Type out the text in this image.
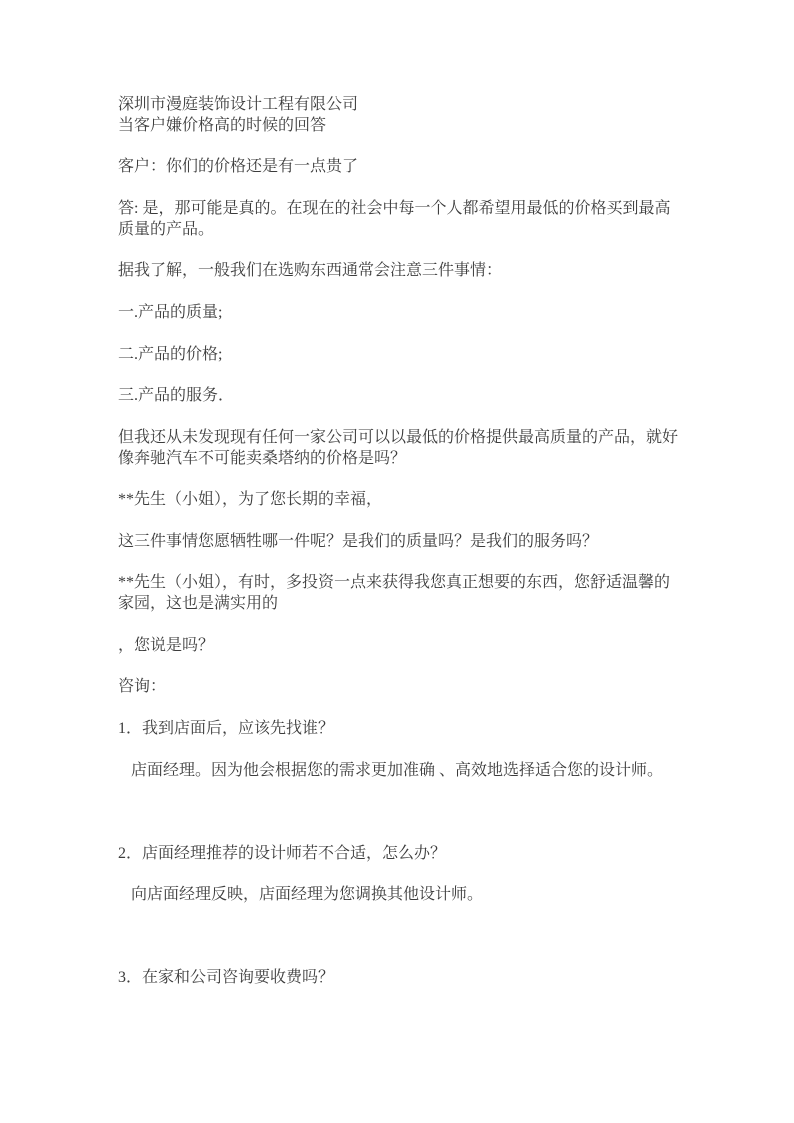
深圳市漫庭装饰设计工程有限公司

当客户嫌价格高的时候的回答

客户：你们的价格还是有一点贵了

答: 是，那可能是真的。在现在的社会中每一个人都希望用最低的价格买到最高

质量的产品。

据我了解，一般我们在选购东西通常会注意三件事情：

一.产品的质量;

二.产品的价格;

三.产品的服务．

但我还从未发现现有任何一家公司可以以最低的价格提供最高质量的产品，就好

像奔驰汽车不可能卖桑塔纳的价格是吗？

**先生（小姐），为了您长期的幸福，

这三件事情您愿牺牲哪一件呢？是我们的质量吗？是我们的服务吗？

**先生（小姐），有时，多投资一点来获得我您真正想要的东西，您舒适温馨的

家园，这也是满实用的

，您说是吗？

咨询：

1．我到店面后，应该先找谁？

店面经理。因为他会根据您的需求更加准确 、高效地选择适合您的设计师。

2．店面经理推荐的设计师若不合适，怎么办？

向店面经理反映，店面经理为您调换其他设计师。

3．在家和公司咨询要收费吗？
